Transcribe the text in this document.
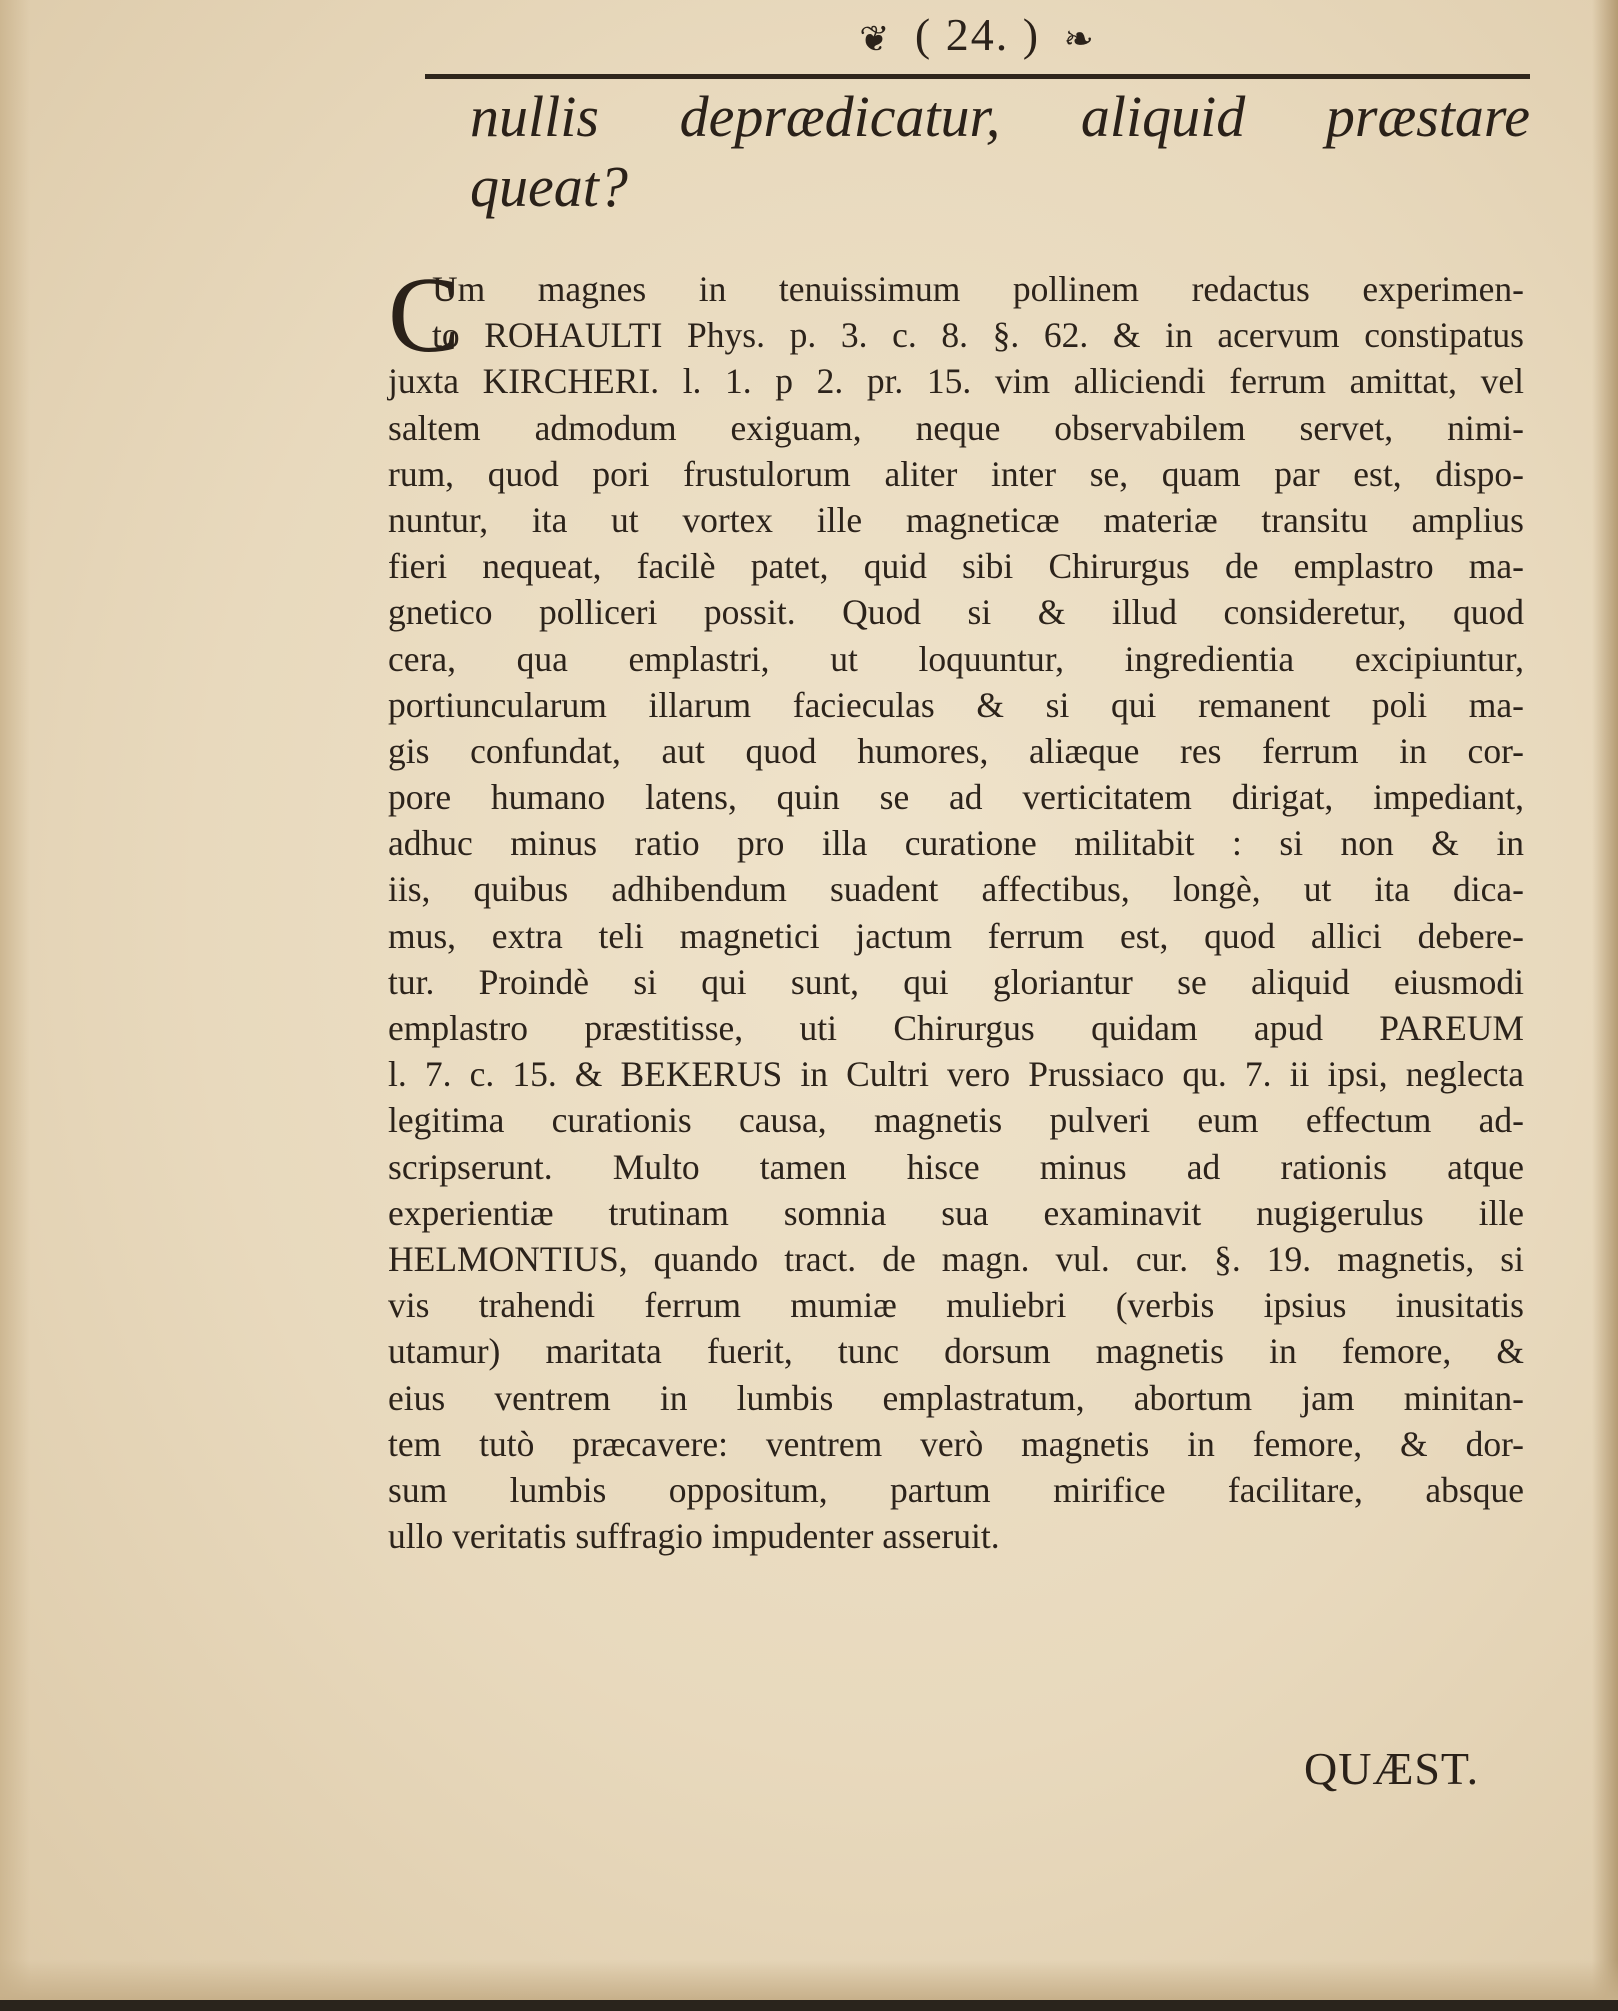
❦ ( 24. ) ❧
nullis deprædicatur, aliquid præstare
queat?
C
Um magnes in tenuissimum pollinem redactus experimen-
to ROHAULTI Phys. p. 3. c. 8. §. 62. & in acervum constipatus
juxta KIRCHERI. l. 1. p 2. pr. 15. vim alliciendi ferrum amittat, vel
saltem admodum exiguam, neque observabilem servet, nimi-
rum, quod pori frustulorum aliter inter se, quam par est, dispo-
nuntur, ita ut vortex ille magneticæ materiæ transitu amplius
fieri nequeat, facilè patet, quid sibi Chirurgus de emplastro ma-
gnetico polliceri possit. Quod si & illud consideretur, quod
cera, qua emplastri, ut loquuntur, ingredientia excipiuntur,
portiuncularum illarum facieculas & si qui remanent poli ma-
gis confundat, aut quod humores, aliæque res ferrum in cor-
pore humano latens, quin se ad verticitatem dirigat, impediant,
adhuc minus ratio pro illa curatione militabit : si non & in
iis, quibus adhibendum suadent affectibus, longè, ut ita dica-
mus, extra teli magnetici jactum ferrum est, quod allici debere-
tur. Proindè si qui sunt, qui gloriantur se aliquid eiusmodi
emplastro præstitisse, uti Chirurgus quidam apud PAREUM
l. 7. c. 15. & BEKERUS in Cultri vero Prussiaco qu. 7. ii ipsi, neglecta
legitima curationis causa, magnetis pulveri eum effectum ad-
scripserunt. Multo tamen hisce minus ad rationis atque
experientiæ trutinam somnia sua examinavit nugigerulus ille
HELMONTIUS, quando tract. de magn. vul. cur. §. 19. magnetis, si
vis trahendi ferrum mumiæ muliebri (verbis ipsius inusitatis
utamur) maritata fuerit, tunc dorsum magnetis in femore, &
eius ventrem in lumbis emplastratum, abortum jam minitan-
tem tutò præcavere: ventrem verò magnetis in femore, & dor-
sum lumbis oppositum, partum mirifice facilitare, absque
ullo veritatis suffragio impudenter asseruit.
QUÆST.
